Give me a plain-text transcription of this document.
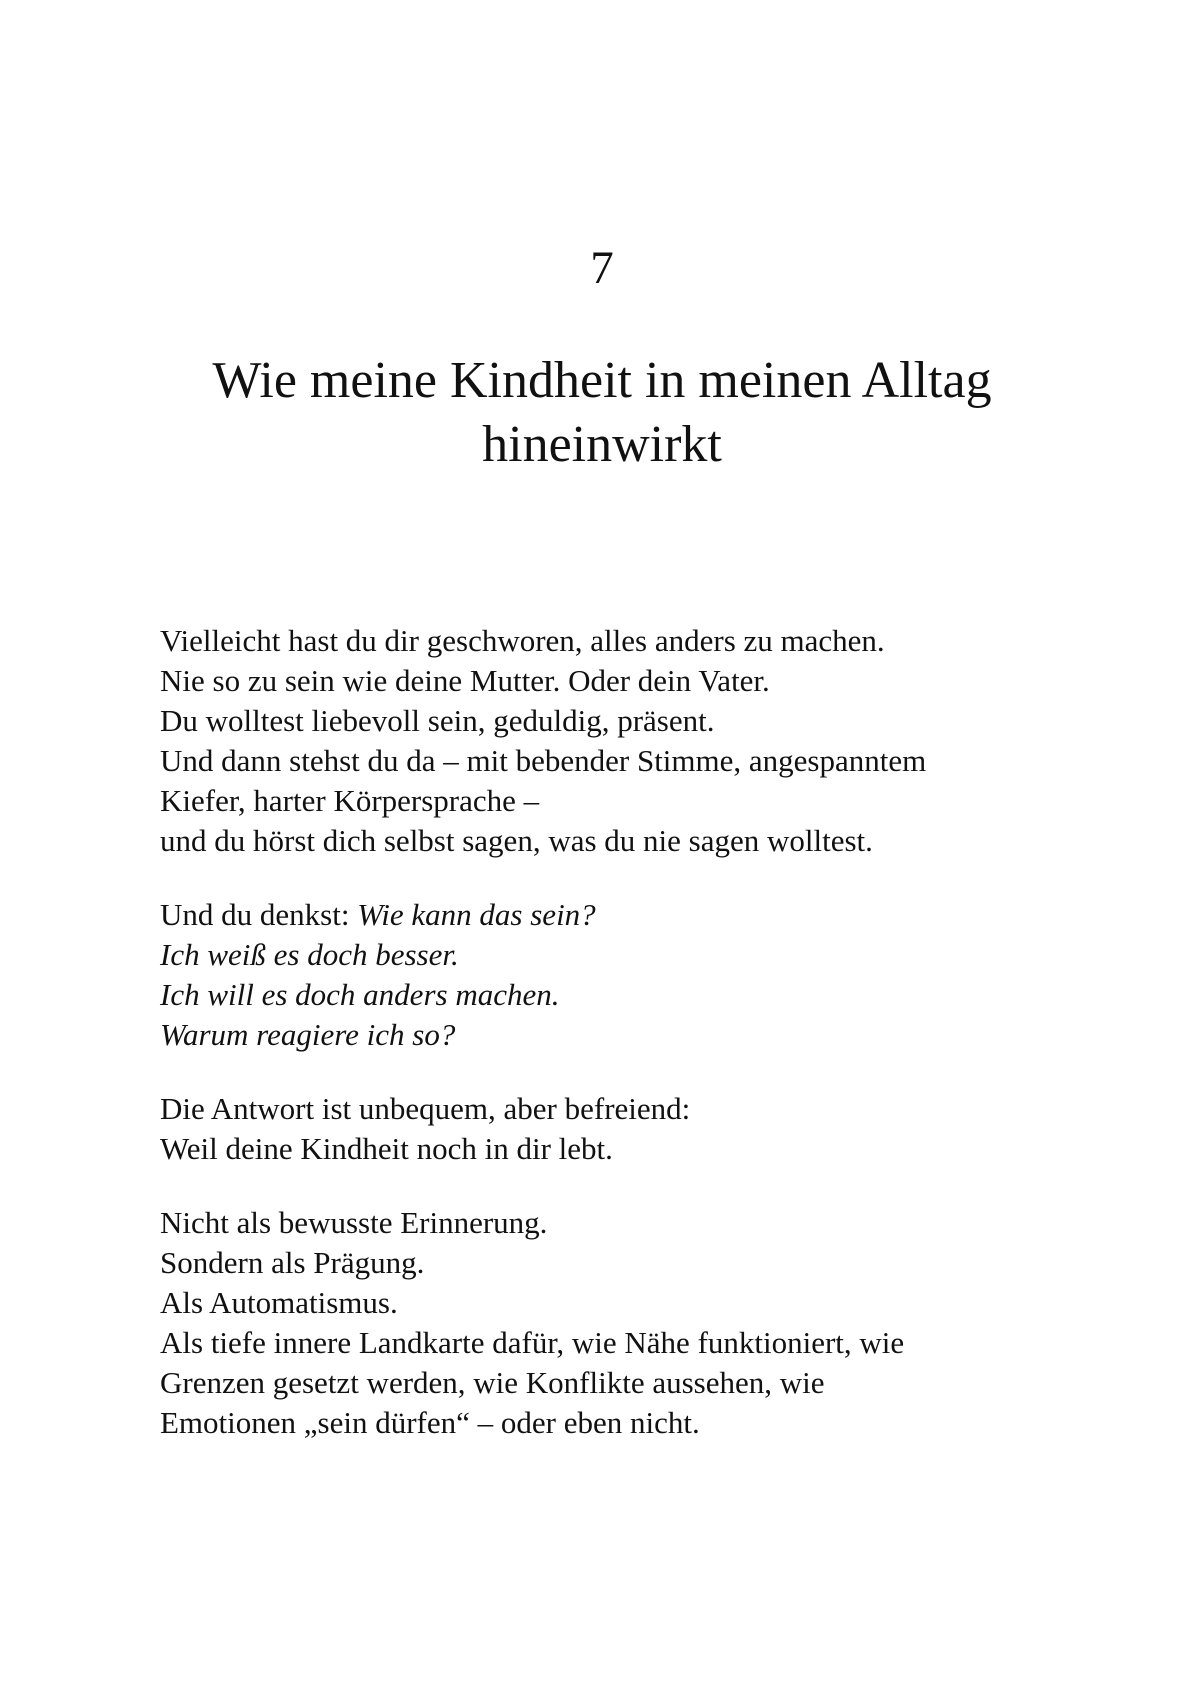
7
Wie meine Kindheit in meinen Alltag
hineinwirkt

Vielleicht hast du dir geschworen, alles anders zu machen.
Nie so zu sein wie deine Mutter. Oder dein Vater.
Du wolltest liebevoll sein, geduldig, präsent.
Und dann stehst du da – mit bebender Stimme, angespanntem
Kiefer, harter Körpersprache –
und du hörst dich selbst sagen, was du nie sagen wolltest.

Und du denkst: Wie kann das sein?
Ich weiß es doch besser.
Ich will es doch anders machen.
Warum reagiere ich so?

Die Antwort ist unbequem, aber befreiend:
Weil deine Kindheit noch in dir lebt.

Nicht als bewusste Erinnerung.
Sondern als Prägung.
Als Automatismus.
Als tiefe innere Landkarte dafür, wie Nähe funktioniert, wie
Grenzen gesetzt werden, wie Konflikte aussehen, wie
Emotionen „sein dürfen“ – oder eben nicht.
